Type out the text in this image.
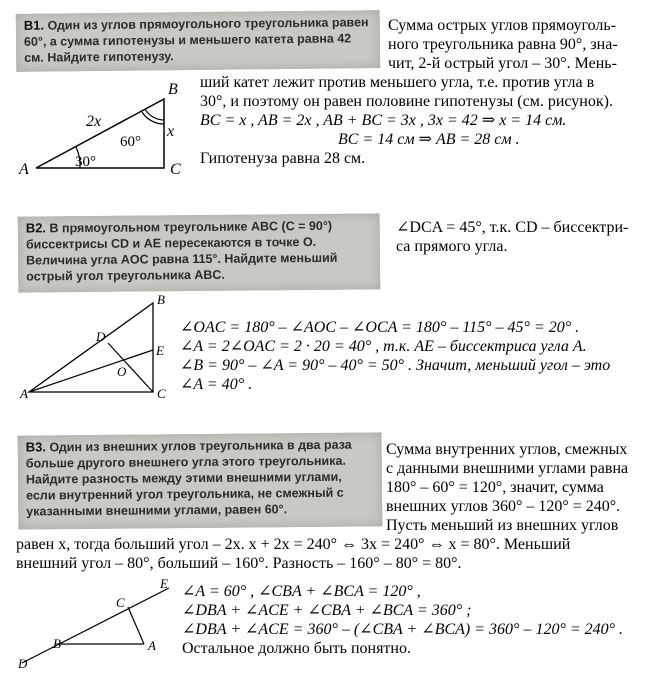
B1. Один из углов прямоугольного треугольника равен 60°, а сумма гипотенузы и меньшего катета равна 42 см. Найдите гипотенузу.
A
B
C
2x
x
60°
30°
Сумма острых углов прямоуголь-
ного треугольника равна 90°, зна-
чит, 2-й острый угол – 30°. Мень-
ший катет лежит против меньшего угла, т.е. против угла в
30°, и поэтому он равен половине гипотенузы (см. рисунок).
BC = x , AB = 2x , AB + BC = 3x , 3x = 42 ⇒ x = 14 см.
BC = 14 см ⇒ AB = 28 см .
Гипотенуза равна 28 см.
B2. В прямоугольном треугольнике ABC (C = 90°) биссектрисы CD и AE пересекаются в точке O. Величина угла AOC равна 115°. Найдите меньший острый угол треугольника ABC.
∠DCA = 45°, т.к. CD – биссектри-
са прямого угла.
A
B
C
D
E
O
∠OAC = 180° – ∠AOC – ∠OCA = 180° – 115° – 45° = 20° .
∠A = 2∠OAC = 2 · 20 = 40° , т.к. AE – биссектриса угла A.
∠B = 90° – ∠A = 90° – 40° = 50° . Значит, меньший угол – это
∠A = 40° .
B3. Один из внешних углов треугольника в два раза больше другого внешнего угла этого треугольника. Найдите разность между этими внешними углами, если внутренний угол треугольника, не смежный с указанными внешними углами, равен 60°.
Сумма внутренних углов, смежных
с данными внешними углами равна
180° – 60° = 120°, значит, сумма
внешних углов 360° – 120° = 240°.
Пусть меньший из внешних углов
равен x, тогда больший угол – 2x. x + 2x = 240° ⇔ 3x = 240° ⇔ x = 80°. Меньший
внешний угол – 80°, больший – 160°. Разность – 160° – 80° = 80°.
D
B	A
C
E ∠A = 60° , ∠CBA + ∠BCA = 120° ,
∠DBA + ∠ACE + ∠CBA + ∠BCA = 360° ;
∠DBA + ∠ACE = 360° – (∠CBA + ∠BCA) = 360° – 120° = 240° .
Остальное должно быть понятно.
